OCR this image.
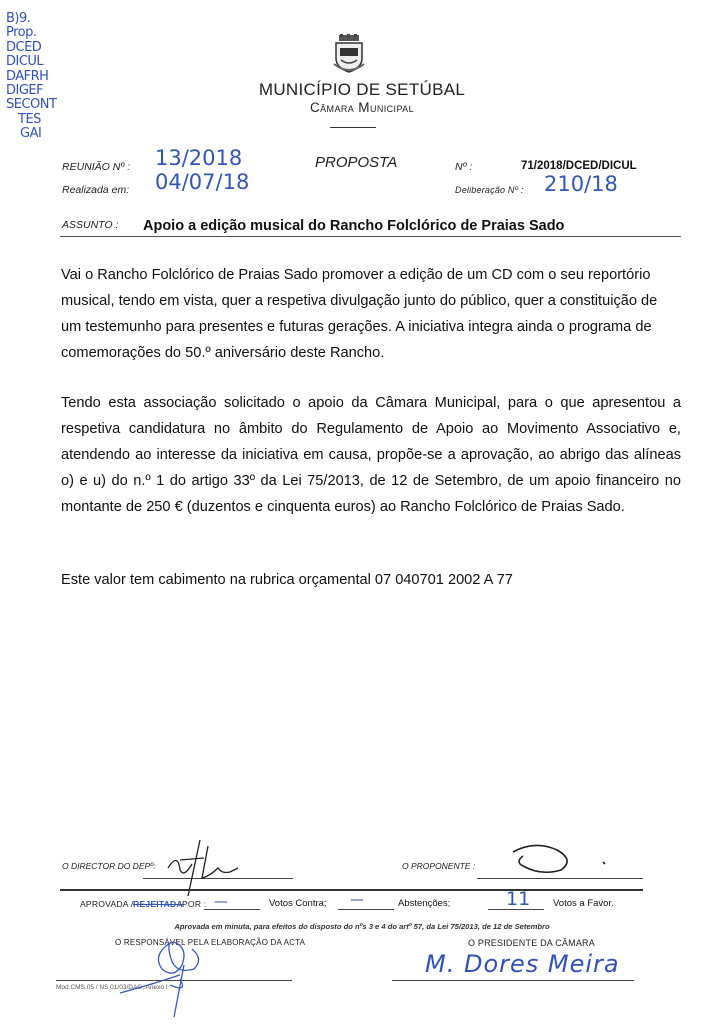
B)9.
Prop.
DCED
DICUL
DAFRH
DIGEF
SECONT
TES
GAI
MUNICÍPIO DE SETÚBAL
Câmara Municipal
REUNIÃO Nº : 13/2018
Realizada em: 04/07/18
PROPOSTA	Nº :	71/2018/DCED/DICUL
Deliberação Nº : 210/18
ASSUNTO : Apoio a edição musical do Rancho Folclórico de Praias Sado
Vai o Rancho Folclórico de Praias Sado promover a edição de um CD com o seu reportório musical, tendo em vista, quer a respetiva divulgação junto do público, quer a constituição de um testemunho para presentes e futuras gerações. A iniciativa integra ainda o programa de comemorações do 50.º aniversário deste Rancho.
Tendo esta associação solicitado o apoio da Câmara Municipal, para o que apresentou a respetiva candidatura no âmbito do Regulamento de Apoio ao Movimento Associativo e, atendendo ao interesse da iniciativa em causa, propõe-se a aprovação, ao abrigo das alíneas o) e u) do n.º 1 do artigo 33º da Lei 75/2013, de 12 de Setembro, de um apoio financeiro no montante de 250 € (duzentos e cinquenta euros) ao Rancho Folclórico de Praias Sado.
Este valor tem cabimento na rubrica orçamental 07 040701 2002 A 77
O DIRECTOR DO DEPº:	O PROPONENTE :
APROVADA / REJEITADA POR : —	Votos Contra; —	Abstenções;	11 Votos a Favor.
Aprovada em minuta, para efeitos do disposto do nºs 3 e 4 do artº 57, da Lei 75/2013, de 12 de Setembro
O RESPONSÁVEL PELA ELABORAÇÃO DA ACTA	O PRESIDENTE DA CÂMARA
M. Dores Meira
Mod.CMS.05 / NS 01/03/DAG, Anexo I
